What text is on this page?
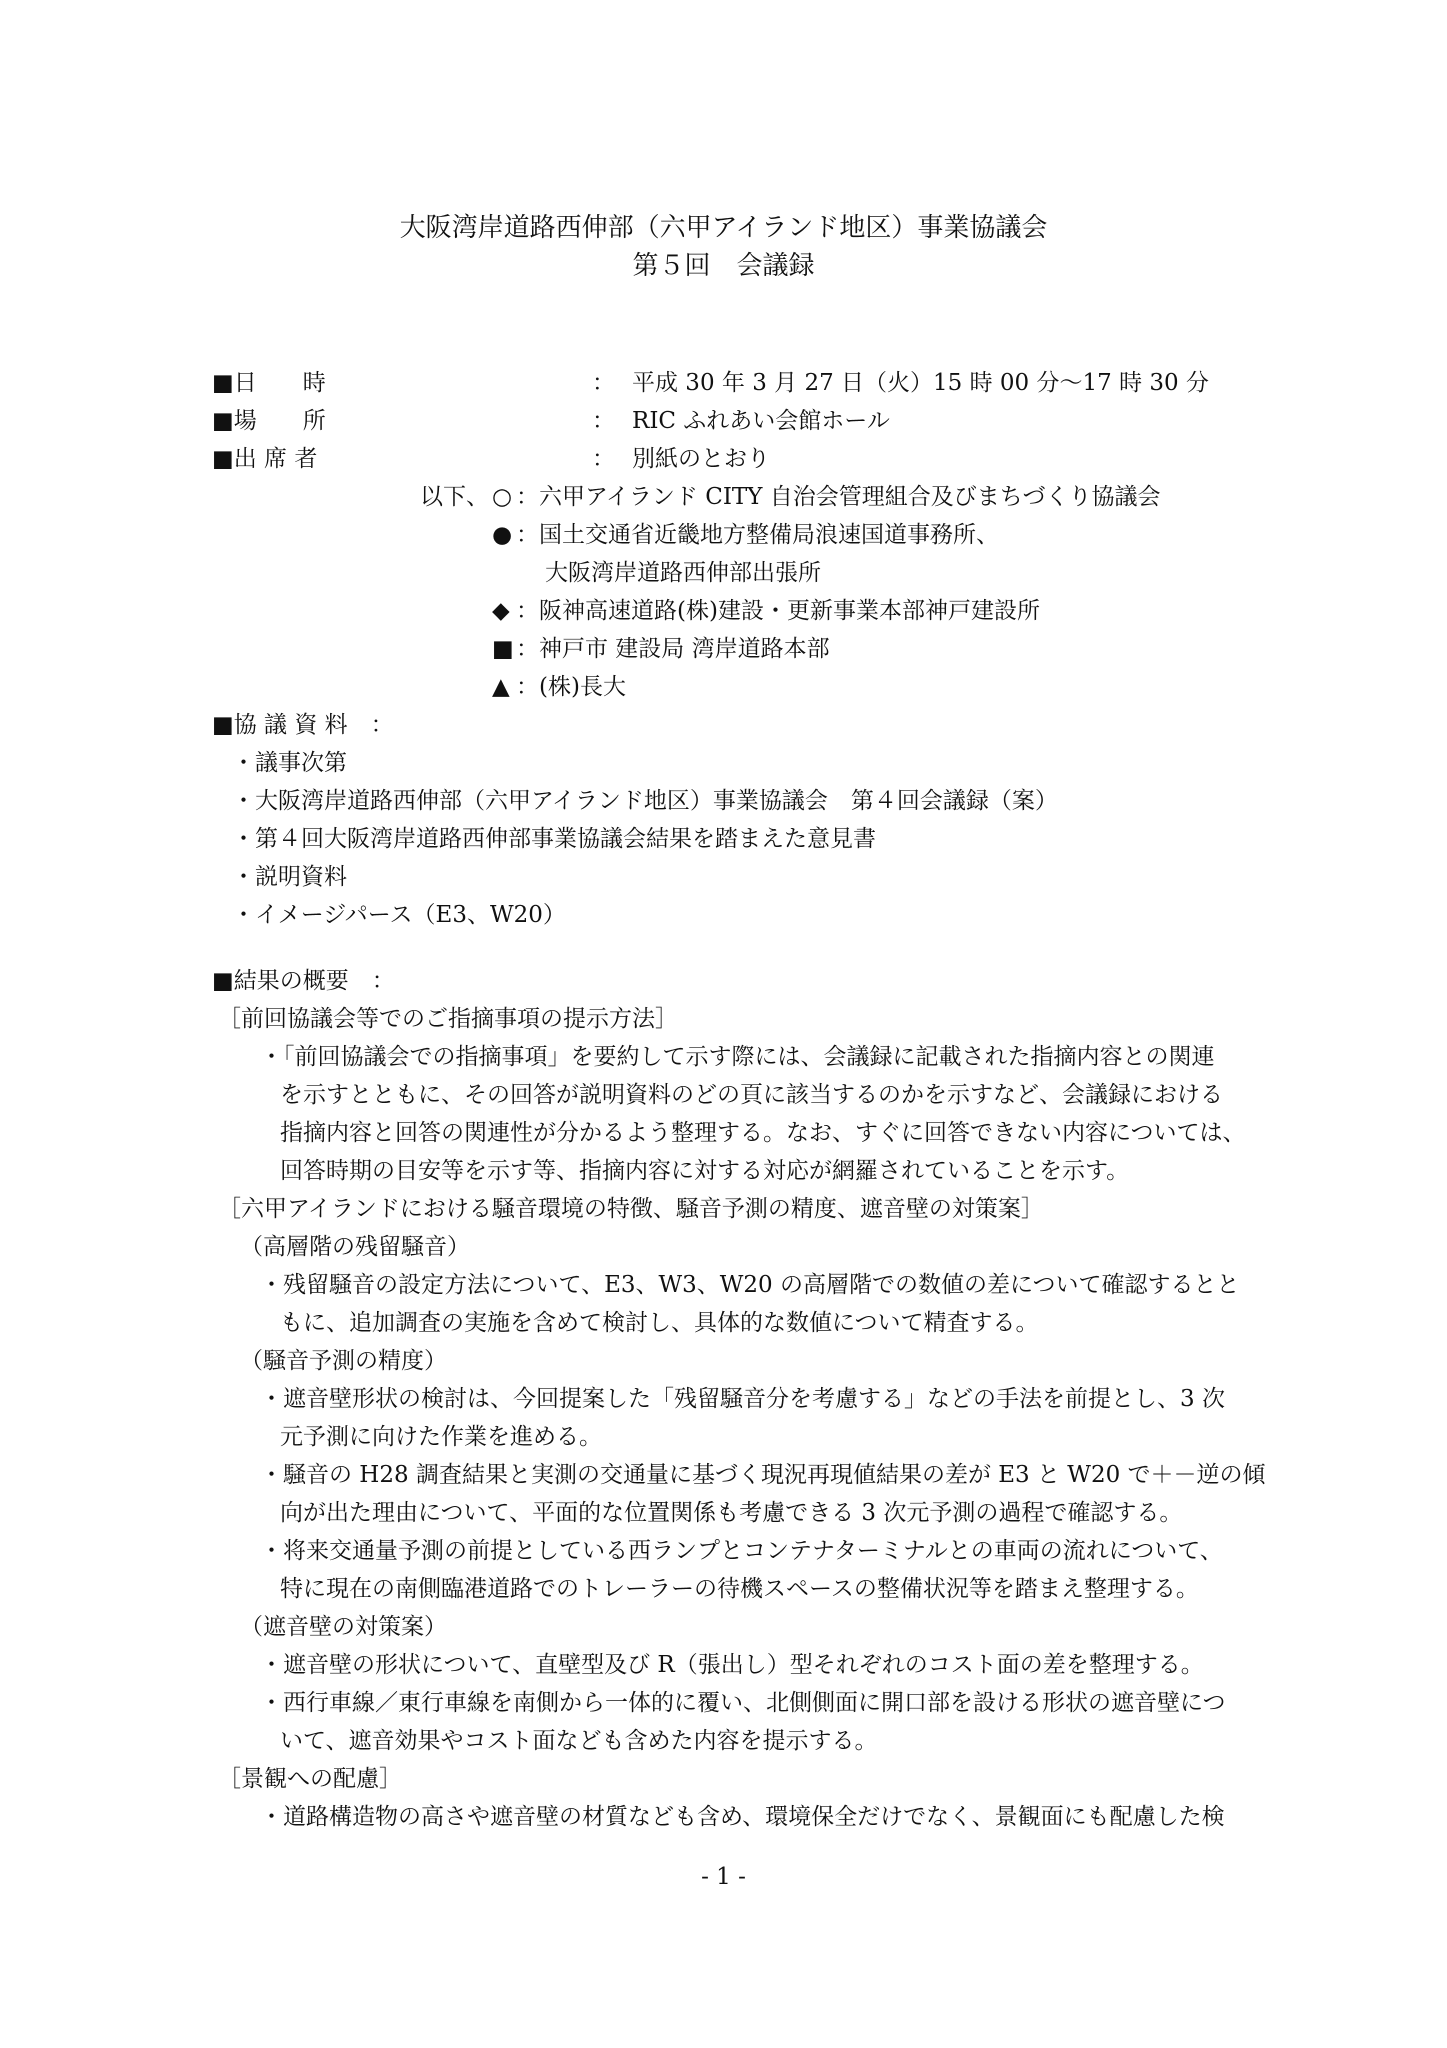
大阪湾岸道路西伸部（六甲アイランド地区）事業協議会
第５回　会議録
■日　　時	： 平成 30 年 3 月 27 日（火）15 時 00 分〜17 時 30 分
■場　　所	： RIC ふれあい会館ホール
■出 席 者	： 別紙のとおり
以下、 ○ ：六甲アイランド CITY 自治会管理組合及びまちづくり協議会
● ：国土交通省近畿地方整備局浪速国道事務所、
大阪湾岸道路西伸部出張所
◆ ：阪神高速道路(株)建設・更新事業本部神戸建設所
■ ：神戸市 建設局 湾岸道路本部
▲ ：(株)長大
■協 議 資 料　：
・議事次第
・大阪湾岸道路西伸部（六甲アイランド地区）事業協議会　第４回会議録（案）
・第４回大阪湾岸道路西伸部事業協議会結果を踏まえた意見書
・説明資料
・イメージパース（E3、W20）
■結果の概要　：
［前回協議会等でのご指摘事項の提示方法］
・「前回協議会での指摘事項」を要約して示す際には、会議録に記載された指摘内容との関連
を示すとともに、その回答が説明資料のどの頁に該当するのかを示すなど、会議録における
指摘内容と回答の関連性が分かるよう整理する。なお、すぐに回答できない内容については、
回答時期の目安等を示す等、指摘内容に対する対応が網羅されていることを示す。
［六甲アイランドにおける騒音環境の特徴、騒音予測の精度、遮音壁の対策案］
（高層階の残留騒音）
・残留騒音の設定方法について、E3、W3、W20 の高層階での数値の差について確認するとと
もに、追加調査の実施を含めて検討し、具体的な数値について精査する。
（騒音予測の精度）
・遮音壁形状の検討は、今回提案した「残留騒音分を考慮する」などの手法を前提とし、3 次
元予測に向けた作業を進める。
・騒音の H28 調査結果と実測の交通量に基づく現況再現値結果の差が E3 と W20 で＋－逆の傾
向が出た理由について、平面的な位置関係も考慮できる 3 次元予測の過程で確認する。
・将来交通量予測の前提としている西ランプとコンテナターミナルとの車両の流れについて、
特に現在の南側臨港道路でのトレーラーの待機スペースの整備状況等を踏まえ整理する。
（遮音壁の対策案）
・遮音壁の形状について、直壁型及び R（張出し）型それぞれのコスト面の差を整理する。
・西行車線／東行車線を南側から一体的に覆い、北側側面に開口部を設ける形状の遮音壁につ
いて、遮音効果やコスト面なども含めた内容を提示する。
［景観への配慮］
・道路構造物の高さや遮音壁の材質なども含め、環境保全だけでなく、景観面にも配慮した検
- 1 -
